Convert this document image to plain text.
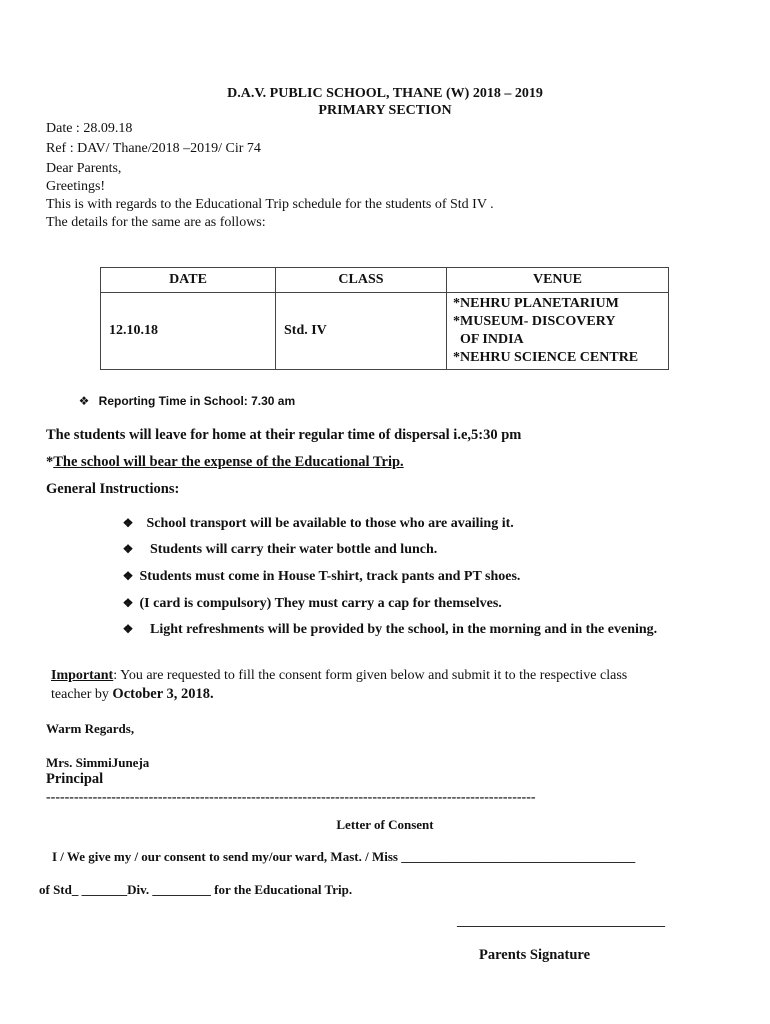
D.A.V. PUBLIC SCHOOL, THANE (W) 2018 – 2019
PRIMARY SECTION
Date : 28.09.18
Ref : DAV/ Thane/2018 –2019/ Cir 74
Dear Parents,
Greetings!
This is with regards to the Educational Trip schedule for the students of Std IV .
The details for the same are as follows:
DATE	CLASS	VENUE
12.10.18	Std. IV	*NEHRU PLANETARIUM
*MUSEUM- DISCOVERY
OF INDIA
*NEHRU SCIENCE CENTRE
❖ Reporting Time in School: 7.30 am
The students will leave for home at their regular time of dispersal i.e,5:30 pm
*The school will bear the expense of the Educational Trip.
General Instructions:
❖ School transport will be available to those who are availing it.
❖ Students will carry their water bottle and lunch.
❖ Students must come in House T-shirt, track pants and PT shoes.
❖ (I card is compulsory) They must carry a cap for themselves.
❖ Light refreshments will be provided by the school, in the morning and in the evening.
Important: You are requested to fill the consent form given below and submit it to the respective class
teacher by October 3, 2018.
Warm Regards,
Mrs. SimmiJuneja
Principal
---------------------------------------------------------------------------------------------------------
Letter of Consent
I / We give my / our consent to send my/our ward, Mast. / Miss ____________________________________
of Std_ _______Div. _________ for the Educational Trip.
________________________________
Parents Signature
